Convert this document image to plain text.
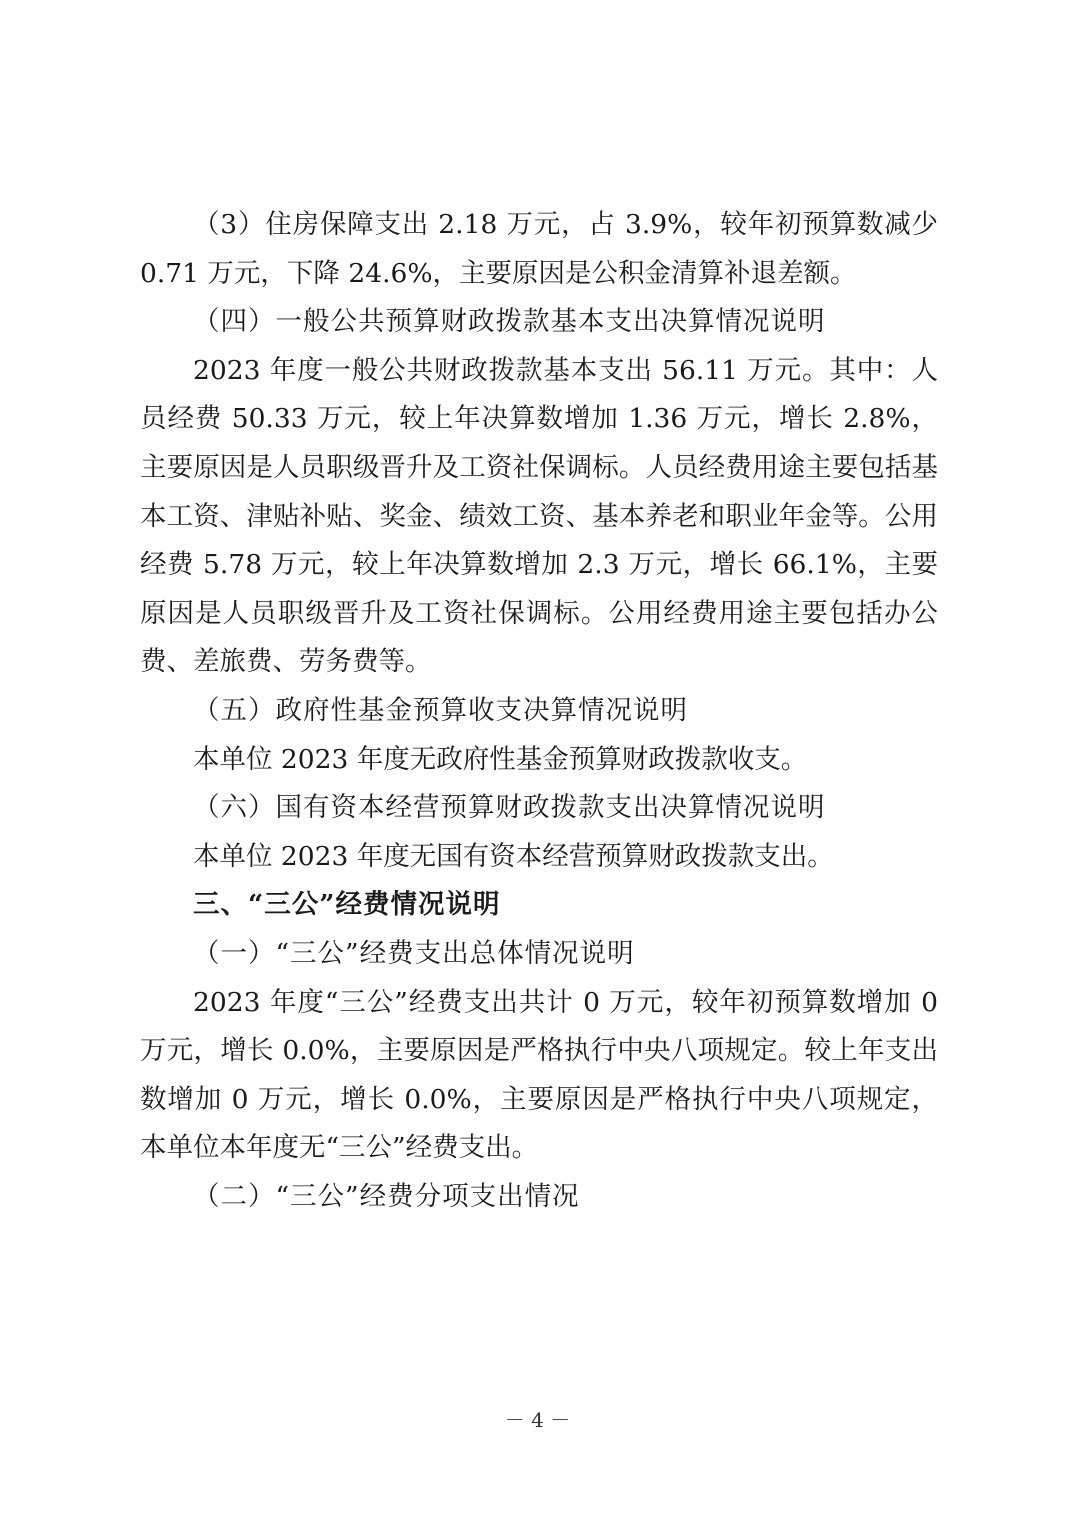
（3）住房保障支出 2.18 万元，占 3.9%，较年初预算数减少 0.71 万元，下降 24.6%，主要原因是公积金清算补退差额。

（四）一般公共预算财政拨款基本支出决算情况说明

2023 年度一般公共财政拨款基本支出 56.11 万元。其中：人员经费 50.33 万元，较上年决算数增加 1.36 万元，增长 2.8%，主要原因是人员职级晋升及工资社保调标。人员经费用途主要包括基本工资、津贴补贴、奖金、绩效工资、基本养老和职业年金等。公用经费 5.78 万元，较上年决算数增加 2.3 万元，增长 66.1%，主要原因是人员职级晋升及工资社保调标。公用经费用途主要包括办公费、差旅费、劳务费等。

（五）政府性基金预算收支决算情况说明

本单位 2023 年度无政府性基金预算财政拨款收支。

（六）国有资本经营预算财政拨款支出决算情况说明

本单位 2023 年度无国有资本经营预算财政拨款支出。

三、“三公”经费情况说明

（一）“三公”经费支出总体情况说明

2023 年度“三公”经费支出共计 0 万元，较年初预算数增加 0 万元，增长 0.0%，主要原因是严格执行中央八项规定。较上年支出数增加 0 万元，增长 0.0%，主要原因是严格执行中央八项规定，本单位本年度无“三公”经费支出。

（二）“三公”经费分项支出情况

－ 4 －
